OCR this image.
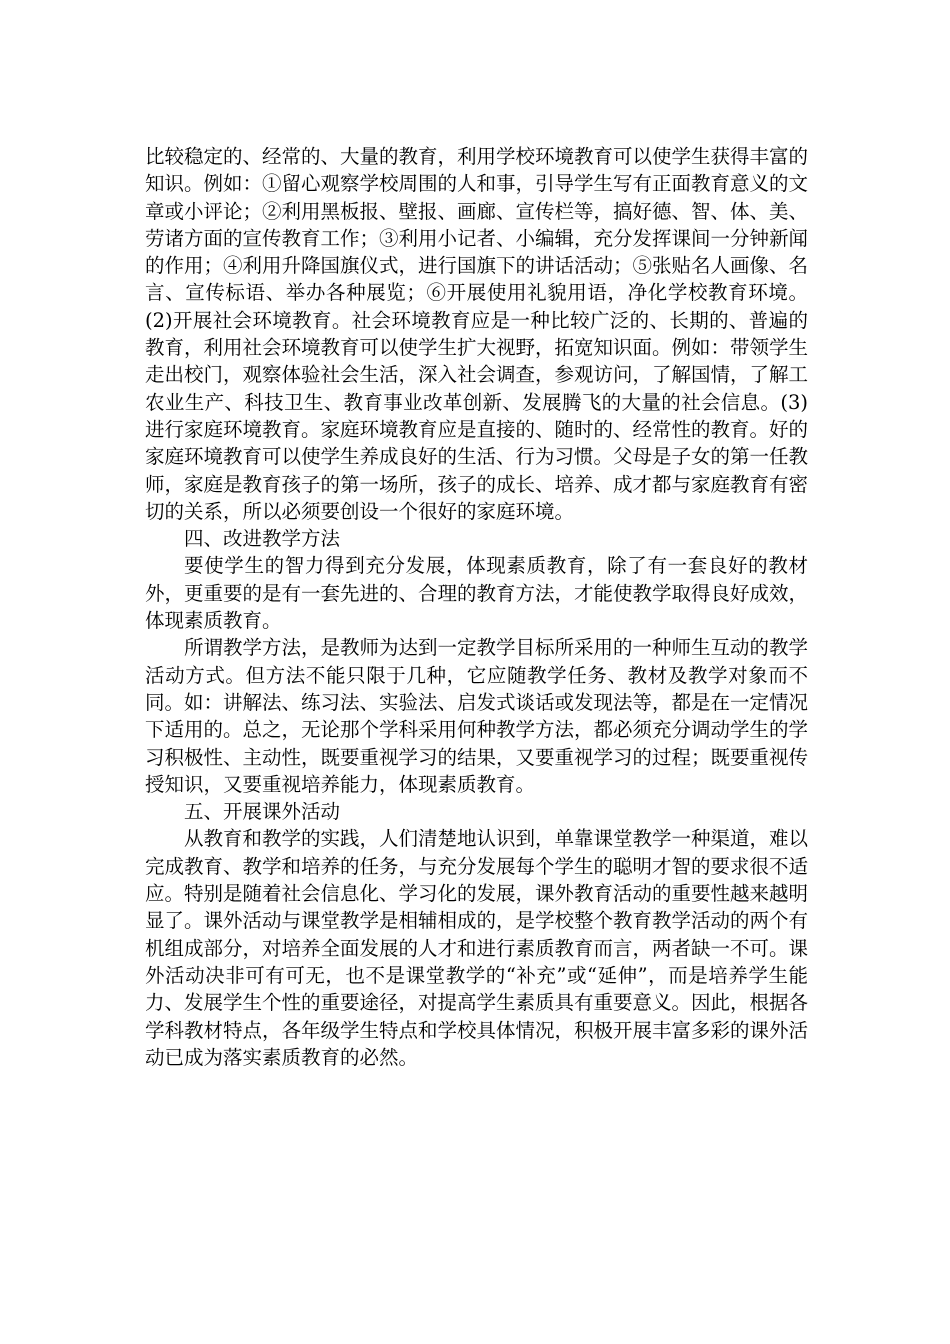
比较稳定的、经常的、大量的教育，利用学校环境教育可以使学生获得丰富的知识。例如：①留心观察学校周围的人和事，引导学生写有正面教育意义的文章或小评论；②利用黑板报、壁报、画廊、宣传栏等，搞好德、智、体、美、劳诸方面的宣传教育工作；③利用小记者、小编辑，充分发挥课间一分钟新闻的作用；④利用升降国旗仪式，进行国旗下的讲话活动；⑤张贴名人画像、名言、宣传标语、举办各种展览；⑥开展使用礼貌用语，净化学校教育环境。(2)开展社会环境教育。社会环境教育应是一种比较广泛的、长期的、普遍的教育，利用社会环境教育可以使学生扩大视野，拓宽知识面。例如：带领学生走出校门，观察体验社会生活，深入社会调查，参观访问，了解国情，了解工农业生产、科技卫生、教育事业改革创新、发展腾飞的大量的社会信息。(3)进行家庭环境教育。家庭环境教育应是直接的、随时的、经常性的教育。好的家庭环境教育可以使学生养成良好的生活、行为习惯。父母是子女的第一任教师，家庭是教育孩子的第一场所，孩子的成长、培养、成才都与家庭教育有密切的关系，所以必须要创设一个很好的家庭环境。

四、改进教学方法

要使学生的智力得到充分发展，体现素质教育，除了有一套良好的教材外，更重要的是有一套先进的、合理的教育方法，才能使教学取得良好成效，体现素质教育。

所谓教学方法，是教师为达到一定教学目标所采用的一种师生互动的教学活动方式。但方法不能只限于几种，它应随教学任务、教材及教学对象而不同。如：讲解法、练习法、实验法、启发式谈话或发现法等，都是在一定情况下适用的。总之，无论那个学科采用何种教学方法，都必须充分调动学生的学习积极性、主动性，既要重视学习的结果，又要重视学习的过程；既要重视传授知识，又要重视培养能力，体现素质教育。

五、开展课外活动

从教育和教学的实践，人们清楚地认识到，单靠课堂教学一种渠道，难以完成教育、教学和培养的任务，与充分发展每个学生的聪明才智的要求很不适应。特别是随着社会信息化、学习化的发展，课外教育活动的重要性越来越明显了。课外活动与课堂教学是相辅相成的，是学校整个教育教学活动的两个有机组成部分，对培养全面发展的人才和进行素质教育而言，两者缺一不可。课外活动决非可有可无，也不是课堂教学的“补充”或“延伸”，而是培养学生能力、发展学生个性的重要途径，对提高学生素质具有重要意义。因此，根据各学科教材特点，各年级学生特点和学校具体情况，积极开展丰富多彩的课外活动已成为落实素质教育的必然。
